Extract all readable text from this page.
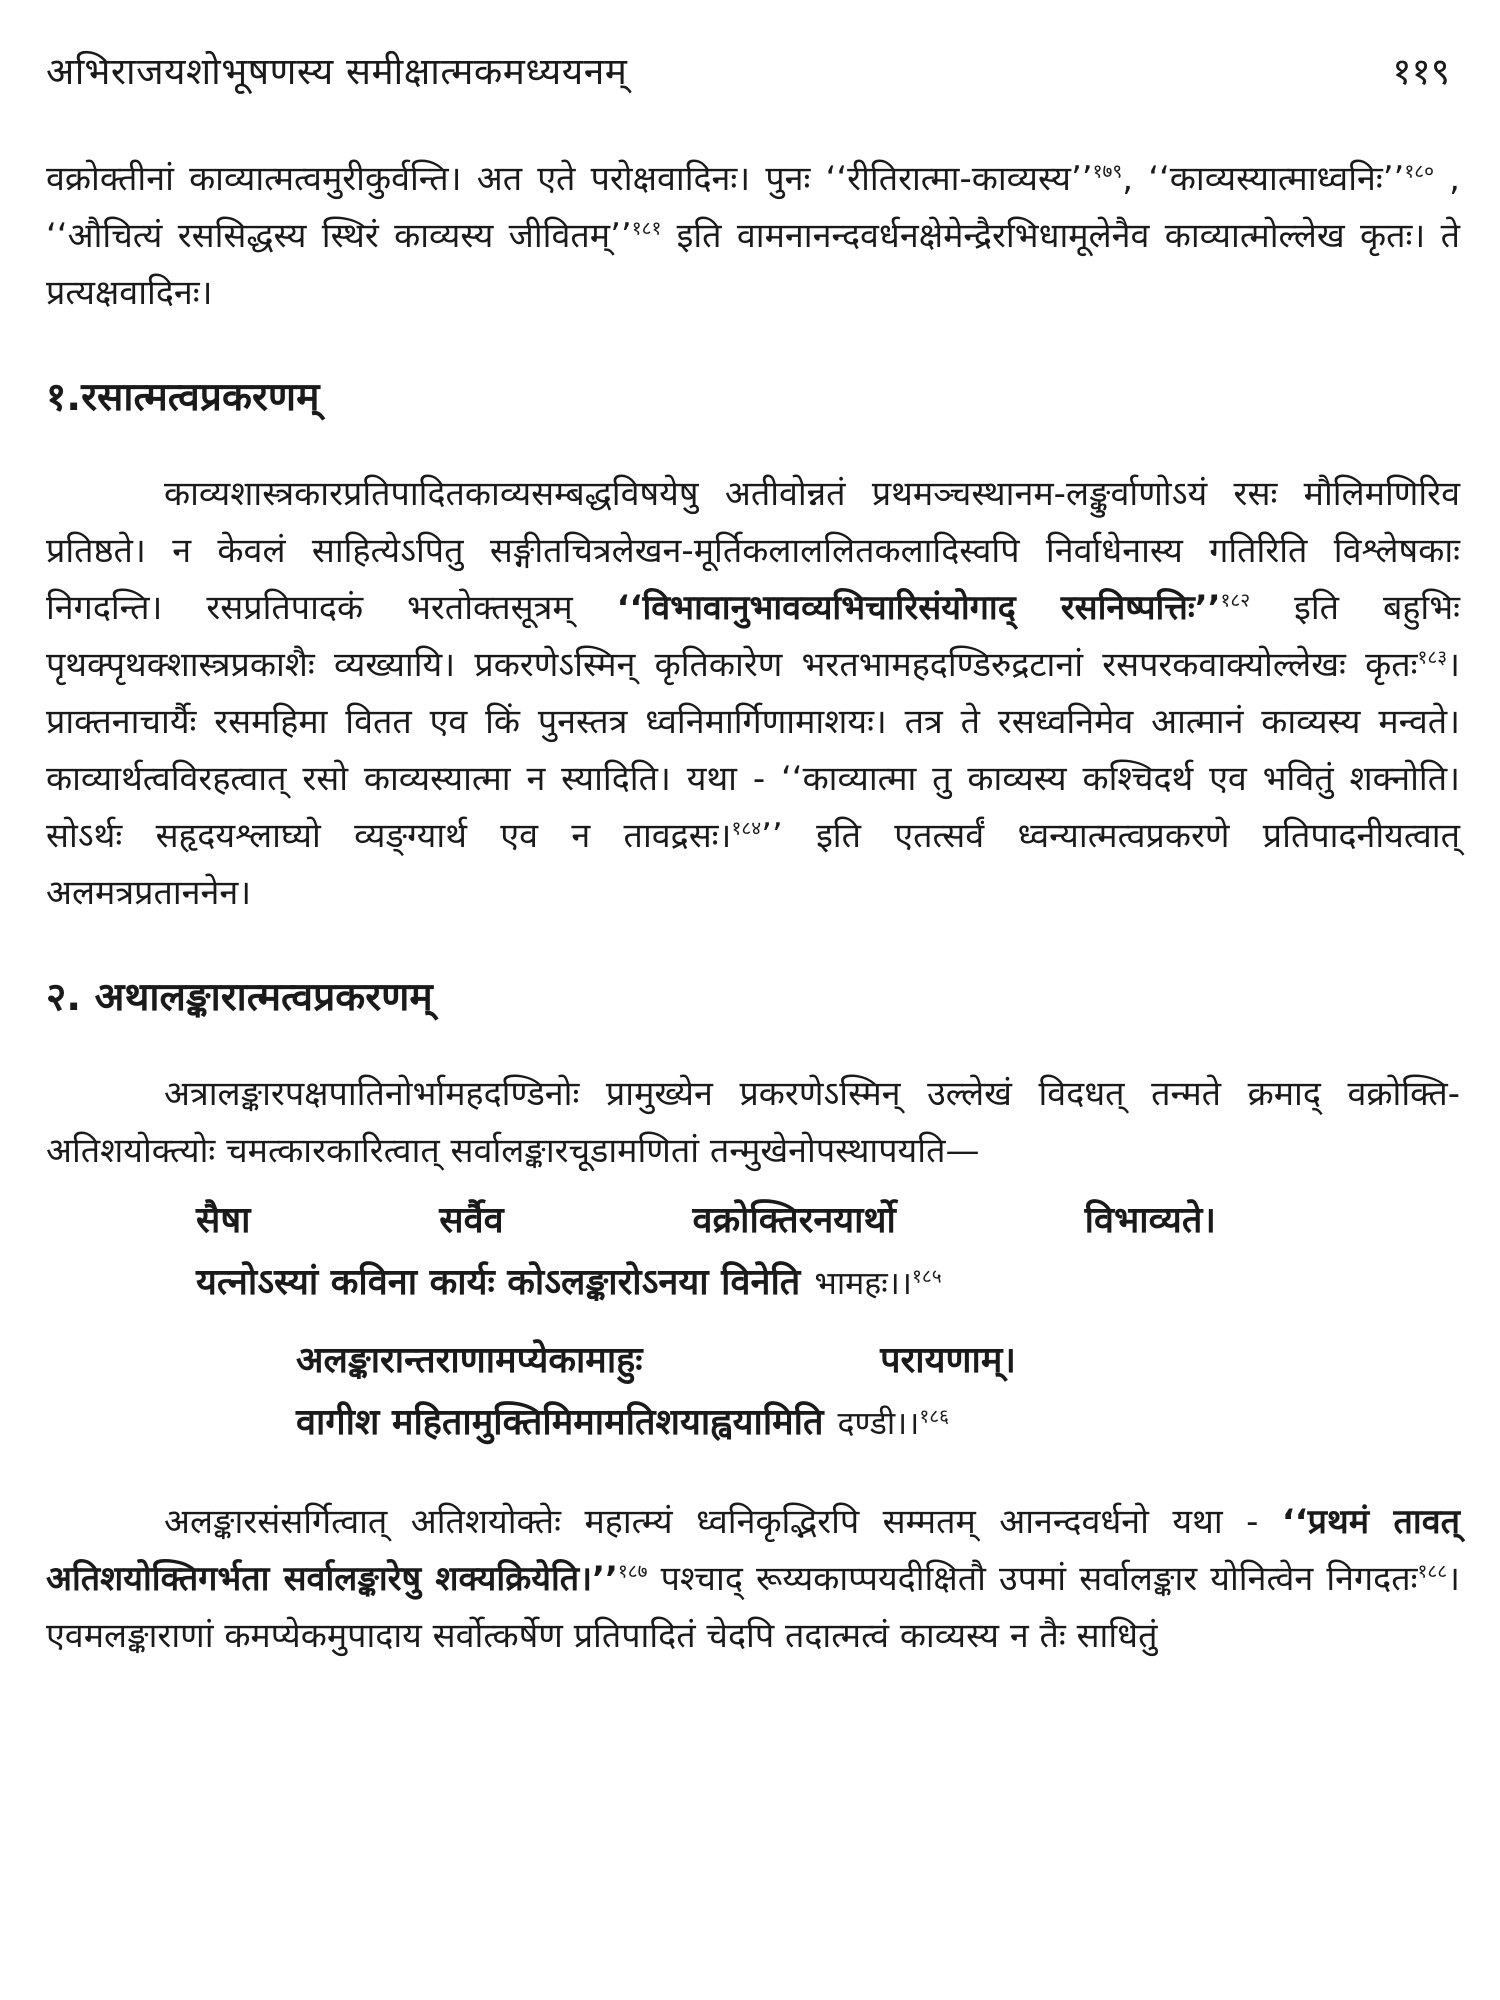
अभिराजयशोभूषणस्य समीक्षात्मकमध्ययनम्	११९

वक्रोक्तीनां काव्यात्मत्वमुरीकुर्वन्ति। अत एते परोक्षवादिनः। पुनः ‘‘रीतिरात्मा-काव्यस्य’’$^{१७९}$, ‘‘काव्यस्यात्माध्वनिः’’$^{१८०}$ , ‘‘औचित्यं रससिद्धस्य स्थिरं काव्यस्य जीवितम्’’$^{१८१}$ इति वामनानन्दवर्धनक्षेमेन्द्रैरभिधामूलेनैव काव्यात्मोल्लेख कृतः। ते प्रत्यक्षवादिनः।

१.रसात्मत्वप्रकरणम्

काव्यशास्त्रकारप्रतिपादितकाव्यसम्बद्धविषयेषु अतीवोन्नतं प्रथमञ्चस्थानम-लङ्कुर्वाणोऽयं रसः मौलिमणिरिव प्रतिष्ठते। न केवलं साहित्येऽपितु सङ्गीतचित्रलेखन-मूर्तिकलाललितकलादिस्वपि निर्वाधेनास्य गतिरिति विश्लेषकाः निगदन्ति। रसप्रतिपादकं भरतोक्तसूत्रम् ‘‘विभावानुभावव्यभिचारिसंयोगाद् रसनिष्पत्तिः’’$^{१८२}$ इति बहुभिः पृथक्पृथक्शास्त्रप्रकाशैः व्यख्यायि। प्रकरणेऽस्मिन् कृतिकारेण भरतभामहदण्डिरुद्रटानां रसपरकवाक्योल्लेखः कृतः$^{१८३}$। प्राक्तनाचार्यैः रसमहिमा वितत एव किं पुनस्तत्र ध्वनिमार्गिणामाशयः। तत्र ते रसध्वनिमेव आत्मानं काव्यस्य मन्वते। काव्यार्थत्वविरहत्वात् रसो काव्यस्यात्मा न स्यादिति। यथा - ‘‘काव्यात्मा तु काव्यस्य कश्चिदर्थ एव भवितुं शक्नोति। सोऽर्थः सहृदयश्लाघ्यो व्यङ्ग्यार्थ एव न तावद्रसः।$^{१८४}$’’ इति एतत्सर्वं ध्वन्यात्मत्वप्रकरणे प्रतिपादनीयत्वात् अलमत्रप्रताननेन।

२. अथालङ्कारात्मत्वप्रकरणम्

अत्रालङ्कारपक्षपातिनोर्भामहदण्डिनोः प्रामुख्येन प्रकरणेऽस्मिन् उल्लेखं विदधत् तन्मते क्रमाद् वक्रोक्ति-अतिशयोक्त्योः चमत्कारकारित्वात् सर्वालङ्कारचूडामणितां तन्मुखेनोपस्थापयति—

सैषा	सर्वैव	वक्रोक्तिरनयार्थो	विभाव्यते।
यत्नोऽस्यां कविना कार्यः कोऽलङ्कारोऽनया विनेति भामहः।।$^{१८५}$
अलङ्कारान्तराणामप्येकामाहुः	परायणाम्।
वागीश महितामुक्तिमिमामतिशयाह्वयामिति दण्डी।।$^{१८६}$

अलङ्कारसंसर्गित्वात् अतिशयोक्तेः महात्म्यं ध्वनिकृद्भिरपि सम्मतम् आनन्दवर्धनो यथा - ‘‘प्रथमं तावत् अतिशयोक्तिगर्भता सर्वालङ्कारेषु शक्यक्रियेति।’’$^{१८७}$ पश्चाद् रूय्यकाप्पयदीक्षितौ उपमां सर्वालङ्कार योनित्वेन निगदतः$^{१८८}$। एवमलङ्काराणां कमप्येकमुपादाय सर्वोत्कर्षेण प्रतिपादितं चेदपि तदात्मत्वं काव्यस्य न तैः साधितुं
